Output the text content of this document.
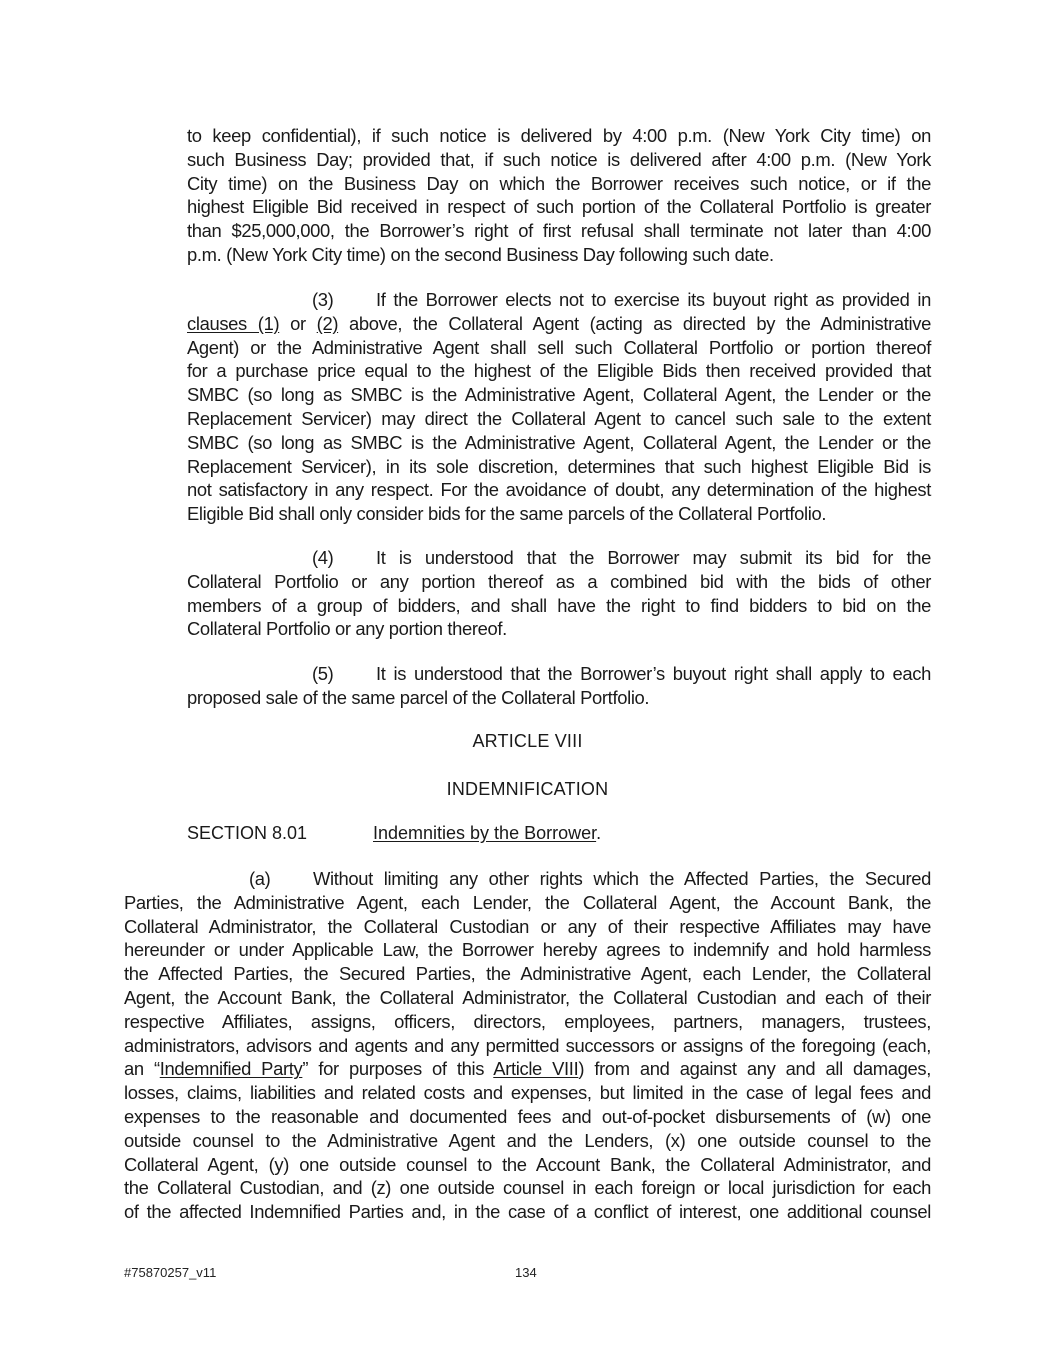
to keep confidential), if such notice is delivered by 4:00 p.m. (New York City time) on
such Business Day; provided that, if such notice is delivered after 4:00 p.m. (New York
City time) on the Business Day on which the Borrower receives such notice, or if the
highest Eligible Bid received in respect of such portion of the Collateral Portfolio is greater
than $25,000,000, the Borrower’s right of first refusal shall terminate not later than 4:00
p.m. (New York City time) on the second Business Day following such date.
(3) If the Borrower elects not to exercise its buyout right as provided in
clauses (1) or (2) above, the Collateral Agent (acting as directed by the Administrative
Agent) or the Administrative Agent shall sell such Collateral Portfolio or portion thereof
for a purchase price equal to the highest of the Eligible Bids then received provided that
SMBC (so long as SMBC is the Administrative Agent, Collateral Agent, the Lender or the
Replacement Servicer) may direct the Collateral Agent to cancel such sale to the extent
SMBC (so long as SMBC is the Administrative Agent, Collateral Agent, the Lender or the
Replacement Servicer), in its sole discretion, determines that such highest Eligible Bid is
not satisfactory in any respect. For the avoidance of doubt, any determination of the highest
Eligible Bid shall only consider bids for the same parcels of the Collateral Portfolio.
(4) It is understood that the Borrower may submit its bid for the
Collateral Portfolio or any portion thereof as a combined bid with the bids of other
members of a group of bidders, and shall have the right to find bidders to bid on the
Collateral Portfolio or any portion thereof.
(5) It is understood that the Borrower’s buyout right shall apply to each
proposed sale of the same parcel of the Collateral Portfolio.
ARTICLE VIII
INDEMNIFICATION
SECTION 8.01	Indemnities by the Borrower.
(a) Without limiting any other rights which the Affected Parties, the Secured
Parties, the Administrative Agent, each Lender, the Collateral Agent, the Account Bank, the
Collateral Administrator, the Collateral Custodian or any of their respective Affiliates may have
hereunder or under Applicable Law, the Borrower hereby agrees to indemnify and hold harmless
the Affected Parties, the Secured Parties, the Administrative Agent, each Lender, the Collateral
Agent, the Account Bank, the Collateral Administrator, the Collateral Custodian and each of their
respective Affiliates, assigns, officers, directors, employees, partners, managers, trustees,
administrators, advisors and agents and any permitted successors or assigns of the foregoing (each,
an “Indemnified Party” for purposes of this Article VIII) from and against any and all damages,
losses, claims, liabilities and related costs and expenses, but limited in the case of legal fees and
expenses to the reasonable and documented fees and out-of-pocket disbursements of (w) one
outside counsel to the Administrative Agent and the Lenders, (x) one outside counsel to the
Collateral Agent, (y) one outside counsel to the Account Bank, the Collateral Administrator, and
the Collateral Custodian, and (z) one outside counsel in each foreign or local jurisdiction for each
of the affected Indemnified Parties and, in the case of a conflict of interest, one additional counsel
#75870257_v11	134
